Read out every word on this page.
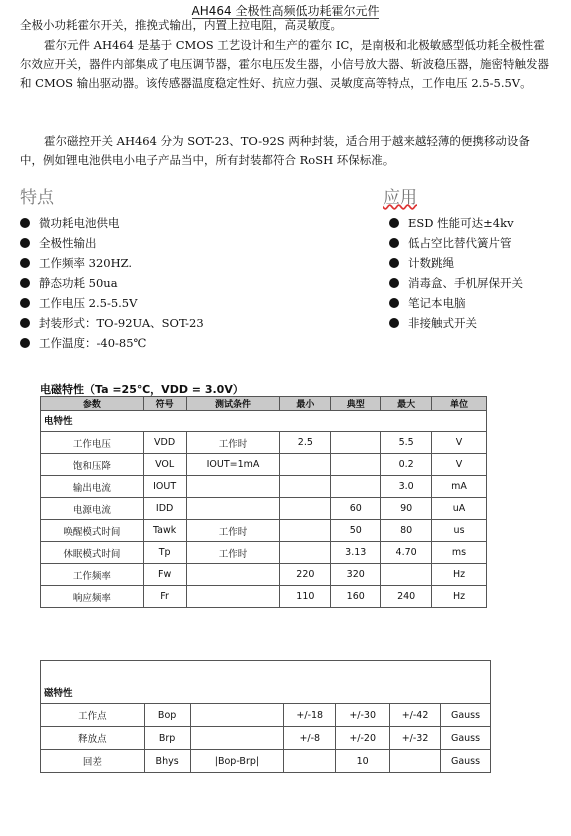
AH464 全极性高频低功耗霍尔元件
全极小功耗霍尔开关，推挽式输出，内置上拉电阻，高灵敏度。
霍尔元件 AH464 是基于 CMOS 工艺设计和生产的霍尔 IC，是南极和北极敏感型低功耗全极性霍尔效应开关，器件内部集成了电压调节器，霍尔电压发生器，小信号放大器、斩波稳压器，施密特触发器和 CMOS 输出驱动器。该传感器温度稳定性好、抗应力强、灵敏度高等特点，工作电压 2.5-5.5V。
霍尔磁控开关 AH464 分为 SOT-23、TO-92S 两种封装，适合用于越来越轻薄的便携移动设备中，例如锂电池供电小电子产品当中，所有封装都符合 RoSH 环保标准。
特点	应用
微功耗电池供电
全极性输出
工作频率 320HZ.
静态功耗 50ua
工作电压 2.5-5.5V
封装形式：TO-92UA、SOT-23
工作温度：-40-85℃
ESD 性能可达±4kv
低占空比替代簧片管
计数跳绳
消毒盒、手机屏保开关
笔记本电脑
非接触式开关
电磁特性（Ta =25℃，VDD = 3.0V）
参数	符号	测试条件	最小	典型	最大	单位
电特性						
工作电压	VDD	工作时	2.5		5.5	V
饱和压降	VOL	IOUT=1mA			0.2	V
输出电流	IOUT				3.0	mA
电源电流	IDD			60	90	uA
唤醒模式时间	Tawk	工作时		50	80	us
休眠模式时间	Tp	工作时		3.13	4.70	ms
工作频率	Fw		220	320		Hz
响应频率	Fr		110	160	240	Hz
磁特性						
工作点	Bop		+/-18	+/-30	+/-42	Gauss
释放点	Brp		+/-8	+/-20	+/-32	Gauss
回差	Bhys	|Bop-Brp|		10		Gauss
